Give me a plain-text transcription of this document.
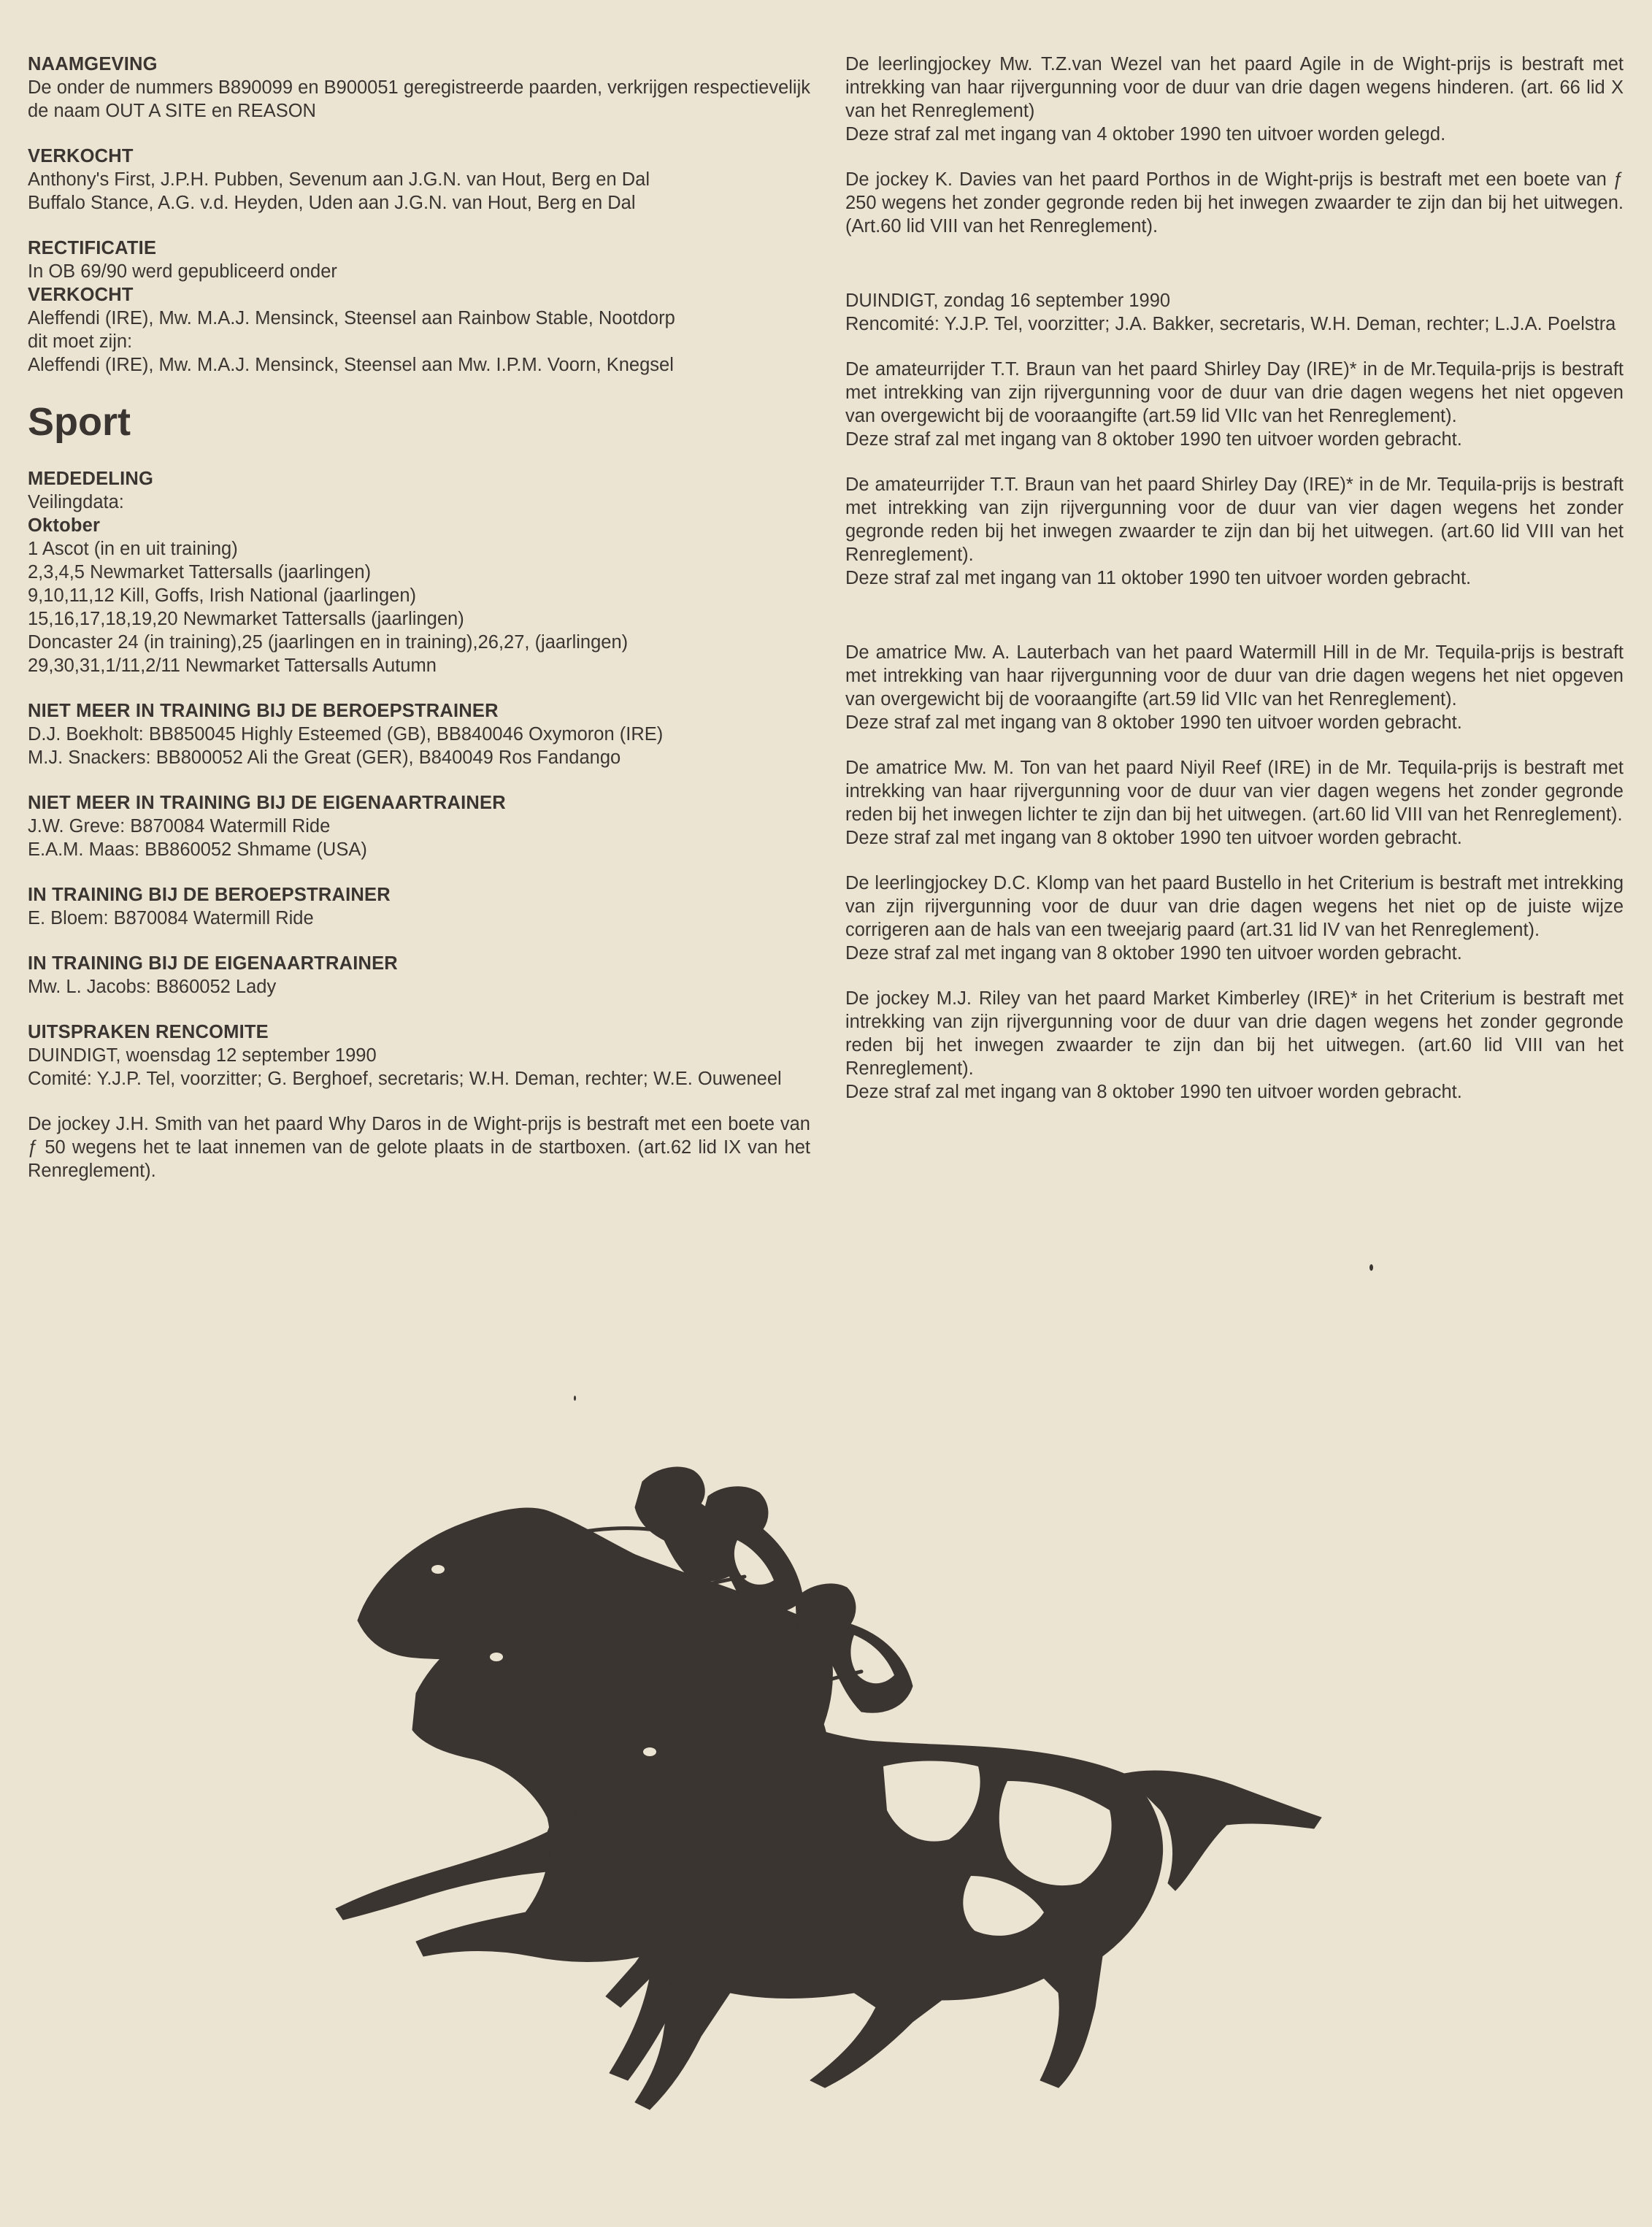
NAAMGEVING
De onder de nummers B890099 en B900051 geregistreerde paarden, verkrijgen respectievelijk de naam OUT A SITE en REASON
VERKOCHT
Anthony's First, J.P.H. Pubben, Sevenum aan J.G.N. van Hout, Berg en Dal
Buffalo Stance, A.G. v.d. Heyden, Uden aan J.G.N. van Hout, Berg en Dal
RECTIFICATIE
In OB 69/90 werd gepubliceerd onder
VERKOCHT
Aleffendi (IRE), Mw. M.A.J. Mensinck, Steensel aan Rainbow Stable, Nootdorp
dit moet zijn:
Aleffendi (IRE), Mw. M.A.J. Mensinck, Steensel aan Mw. I.P.M. Voorn, Knegsel
Sport
MEDEDELING
Veilingdata:
Oktober
1 Ascot (in en uit training)
2,3,4,5 Newmarket Tattersalls (jaarlingen)
9,10,11,12 Kill, Goffs, Irish National (jaarlingen)
15,16,17,18,19,20 Newmarket Tattersalls (jaarlingen)
Doncaster 24 (in training),25 (jaarlingen en in training),26,27, (jaarlingen)
29,30,31,1/11,2/11 Newmarket Tattersalls Autumn
NIET MEER IN TRAINING BIJ DE BEROEPSTRAINER
D.J. Boekholt: BB850045 Highly Esteemed (GB), BB840046 Oxymoron (IRE)
M.J. Snackers: BB800052 Ali the Great (GER), B840049 Ros Fandango
NIET MEER IN TRAINING BIJ DE EIGENAARTRAINER
J.W. Greve: B870084 Watermill Ride
E.A.M. Maas: BB860052 Shmame (USA)
IN TRAINING BIJ DE BEROEPSTRAINER
E. Bloem: B870084 Watermill Ride
IN TRAINING BIJ DE EIGENAARTRAINER
Mw. L. Jacobs: B860052 Lady
UITSPRAKEN RENCOMITE
DUINDIGT, woensdag 12 september 1990
Comité: Y.J.P. Tel, voorzitter; G. Berghoef, secretaris; W.H. Deman, rechter; W.E. Ouweneel
De jockey J.H. Smith van het paard Why Daros in de Wight-prijs is bestraft met een boete van ƒ 50 wegens het te laat innemen van de gelote plaats in de startboxen. (art.62 lid IX van het Renreglement).
De leerlingjockey Mw. T.Z.van Wezel van het paard Agile in de Wight-prijs is bestraft met intrekking van haar rijvergunning voor de duur van drie dagen wegens hinderen. (art. 66 lid X van het Renreglement)
Deze straf zal met ingang van 4 oktober 1990 ten uitvoer worden gelegd.
De jockey K. Davies van het paard Porthos in de Wight-prijs is bestraft met een boete van ƒ 250 wegens het zonder gegronde reden bij het inwegen zwaarder te zijn dan bij het uitwegen. (Art.60 lid VIII van het Renreglement).
DUINDIGT, zondag 16 september 1990
Rencomité: Y.J.P. Tel, voorzitter; J.A. Bakker, secretaris, W.H. Deman, rechter; L.J.A. Poelstra
De amateurrijder T.T. Braun van het paard Shirley Day (IRE)* in de Mr.Tequila-prijs is bestraft met intrekking van zijn rijvergunning voor de duur van drie dagen wegens het niet opgeven van overgewicht bij de vooraangifte (art.59 lid VIIc van het Renreglement).
Deze straf zal met ingang van 8 oktober 1990 ten uitvoer worden gebracht.
De amateurrijder T.T. Braun van het paard Shirley Day (IRE)* in de Mr. Tequila-prijs is bestraft met intrekking van zijn rijvergunning voor de duur van vier dagen wegens het zonder gegronde reden bij het inwegen zwaarder te zijn dan bij het uitwegen. (art.60 lid VIII van het Renreglement).
Deze straf zal met ingang van 11 oktober 1990 ten uitvoer worden gebracht.
De amatrice Mw. A. Lauterbach van het paard Watermill Hill in de Mr. Tequila-prijs is bestraft met intrekking van haar rijvergunning voor de duur van drie dagen wegens het niet opgeven van overgewicht bij de vooraangifte (art.59 lid VIIc van het Renreglement).
Deze straf zal met ingang van 8 oktober 1990 ten uitvoer worden gebracht.
De amatrice Mw. M. Ton van het paard Niyil Reef (IRE) in de Mr. Tequila-prijs is bestraft met intrekking van haar rijvergunning voor de duur van vier dagen wegens het zonder gegronde reden bij het inwegen lichter te zijn dan bij het uitwegen. (art.60 lid VIII van het Renreglement).
Deze straf zal met ingang van 8 oktober 1990 ten uitvoer worden gebracht.
De leerlingjockey D.C. Klomp van het paard Bustello in het Criterium is bestraft met intrekking van zijn rijvergunning voor de duur van drie dagen wegens het niet op de juiste wijze corrigeren aan de hals van een tweejarig paard (art.31 lid IV van het Renreglement).
Deze straf zal met ingang van 8 oktober 1990 ten uitvoer worden gebracht.
De jockey M.J. Riley van het paard Market Kimberley (IRE)* in het Criterium is bestraft met intrekking van zijn rijvergunning voor de duur van drie dagen wegens het zonder gegronde reden bij het inwegen zwaarder te zijn dan bij het uitwegen. (art.60 lid VIII van het Renreglement).
Deze straf zal met ingang van 8 oktober 1990 ten uitvoer worden gebracht.
